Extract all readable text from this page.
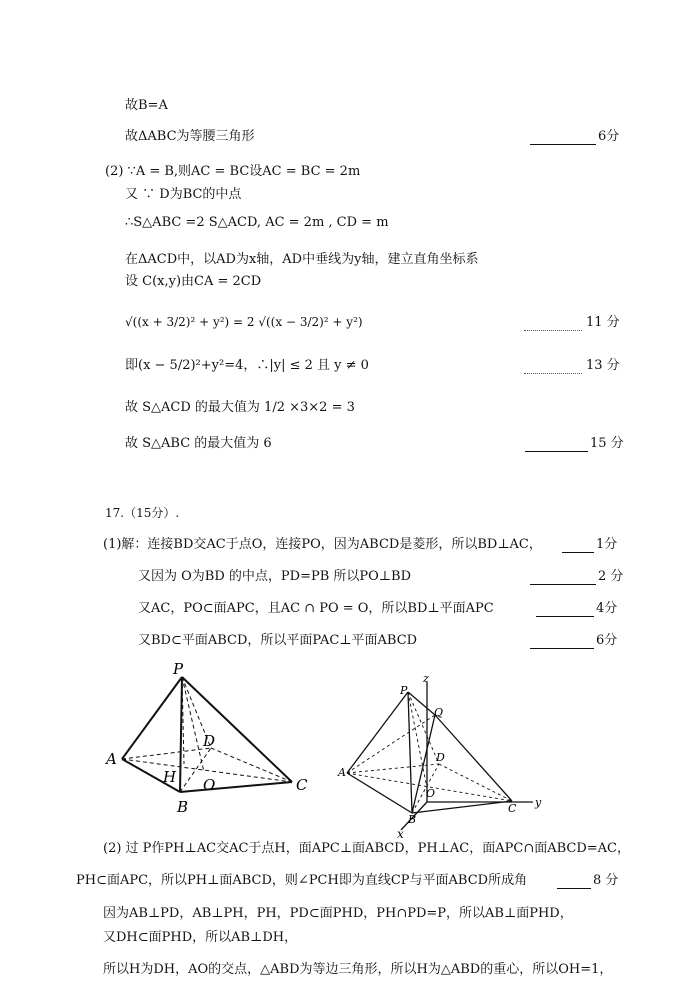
故B=A
故ΔABC为等腰三角形	6分
(2) ∵A = B,则AC = BC设AC = BC = 2m
又 ∵ D为BC的中点
∴S△ABC =2 S△ACD, AC = 2m , CD = m
在ΔACD中，以AD为x轴，AD中垂线为y轴，建立直角坐标系
设 C(x,y)由CA = 2CD
√((x + 3/2)² + y²) = 2 √((x − 3/2)² + y²)	11 分
即(x − 5/2)²+y²=4，∴|y| ≤ 2 且 y ≠ 0	13 分
故 S△ACD 的最大值为 1/2 ×3×2 = 3
故 S△ABC 的最大值为 6	15 分
17.（15分）.
(1)解：连接BD交AC于点O，连接PO，因为ABCD是菱形，所以BD⊥AC，	1分
又因为 O为BD 的中点，PD=PB 所以PO⊥BD	2 分
又AC，PO⊂面APC，且AC ∩ PO = O，所以BD⊥平面APC	4分
又BD⊂平面ABCD，所以平面PAC⊥平面ABCD	6分
P
A
B
C
D
H O
z
P
Q
A
D
O
B
C
x
y
(2) 过 P作PH⊥AC交AC于点H，面APC⊥面ABCD，PH⊥AC，面APC∩面ABCD=AC，
PH⊂面APC，所以PH⊥面ABCD，则∠PCH即为直线CP与平面ABCD所成角	8 分
因为AB⊥PD，AB⊥PH，PH，PD⊂面PHD，PH∩PD=P，所以AB⊥面PHD，
又DH⊂面PHD，所以AB⊥DH，
所以H为DH，AO的交点，△ABD为等边三角形，所以H为△ABD的重心，所以OH=1，
